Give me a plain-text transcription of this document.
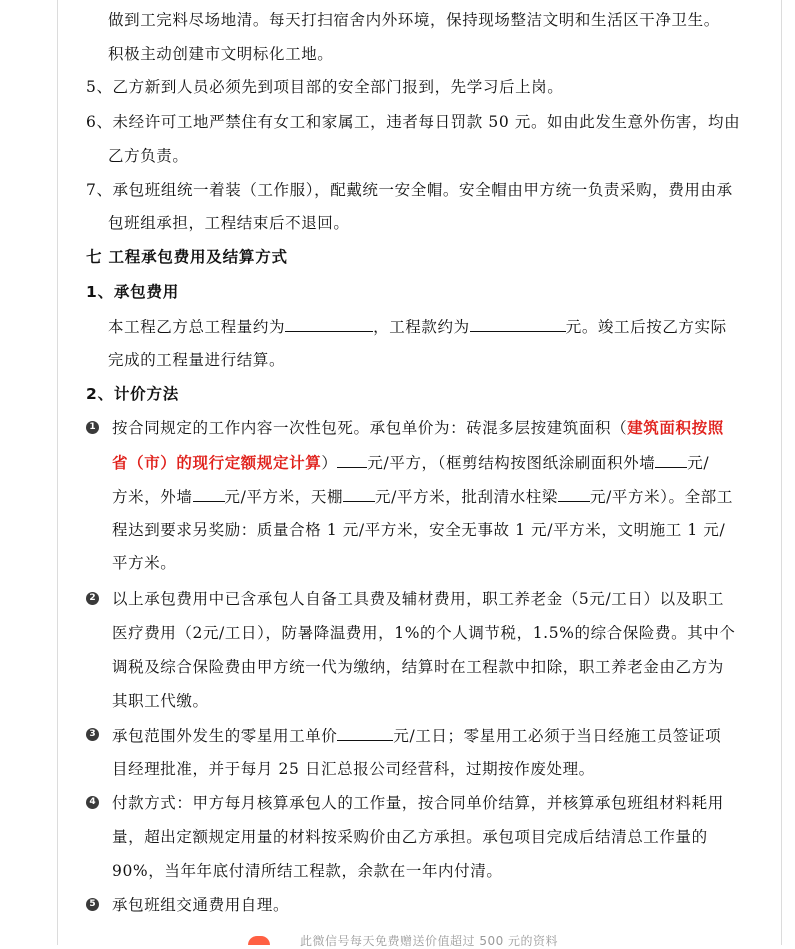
做到工完料尽场地清。每天打扫宿舍内外环境，保持现场整洁文明和生活区干净卫生。
积极主动创建市文明标化工地。
5、乙方新到人员必须先到项目部的安全部门报到，先学习后上岗。
6、未经许可工地严禁住有女工和家属工，违者每日罚款 50 元。如由此发生意外伤害，均由
乙方负责。
7、承包班组统一着装（工作服），配戴统一安全帽。安全帽由甲方统一负责采购，费用由承
包班组承担，工程结束后不退回。
七 工程承包费用及结算方式
1、承包费用
本工程乙方总工程量约为	，工程款约为	元。竣工后按乙方实际
完成的工程量进行结算。
2、计价方法
1 按合同规定的工作内容一次性包死。承包单价为：砖混多层按建筑面积（建筑面积按照
省（市）的现行定额规定计算） 元/平方，（框剪结构按图纸涂刷面积外墙 元/
方米，外墙 元/平方米，天棚 元/平方米，批刮清水柱梁 元/平方米）。全部工
程达到要求另奖励：质量合格 1 元/平方米，安全无事故 1 元/平方米，文明施工 1 元/
平方米。
2 以上承包费用中已含承包人自备工具费及辅材费用，职工养老金（5元/工日）以及职工
医疗费用（2元/工日），防暑降温费用，1%的个人调节税，1.5%的综合保险费。其中个
调税及综合保险费由甲方统一代为缴纳，结算时在工程款中扣除，职工养老金由乙方为
其职工代缴。
3 承包范围外发生的零星用工单价	元/工日；零星用工必须于当日经施工员签证项
目经理批准，并于每月 25 日汇总报公司经营科，过期按作废处理。
4 付款方式：甲方每月核算承包人的工作量，按合同单价结算，并核算承包班组材料耗用
量，超出定额规定用量的材料按采购价由乙方承担。承包项目完成后结清总工作量的
90%，当年年底付清所结工程款，余款在一年内付清。
5 承包班组交通费用自理。
此微信号每天免费赠送价值超过 500 元的资料
